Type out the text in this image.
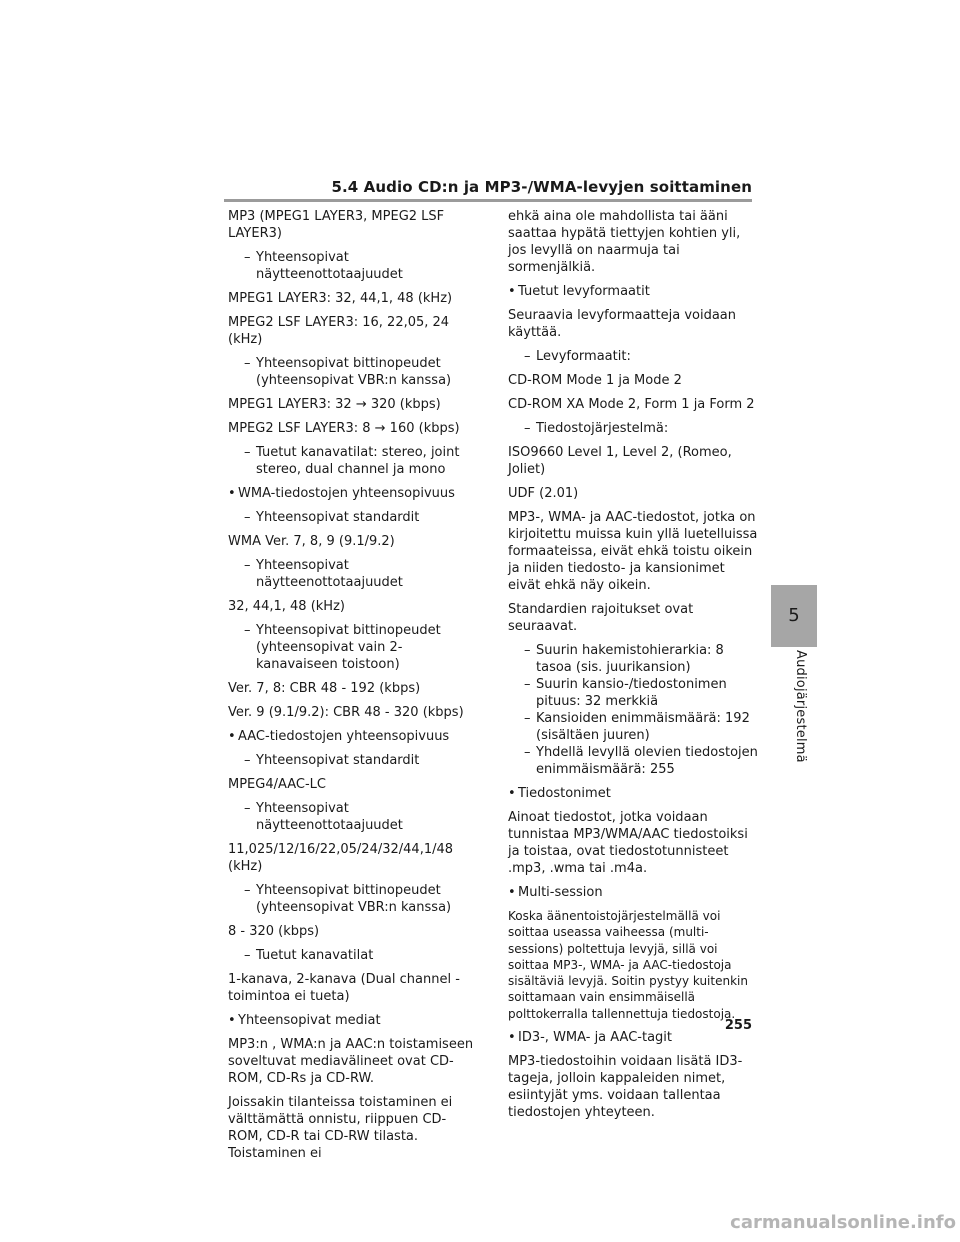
5.4 Audio CD:n ja MP3-/WMA-levyjen soittaminen
MP3 (MPEG1 LAYER3, MPEG2 LSF LAYER3)
– Yhteensopivat näytteenottotaajuudet
MPEG1 LAYER3: 32, 44,1, 48 (kHz)
MPEG2 LSF LAYER3: 16, 22,05, 24 (kHz)
– Yhteensopivat bittinopeudet (yhteensopivat VBR:n kanssa)
MPEG1 LAYER3: 32 → 320 (kbps)
MPEG2 LSF LAYER3: 8 → 160 (kbps)
– Tuetut kanavatilat: stereo, joint stereo, dual channel ja mono
• WMA-tiedostojen yhteensopivuus
– Yhteensopivat standardit
WMA Ver. 7, 8, 9 (9.1/9.2)
– Yhteensopivat näytteenottotaajuudet
32, 44,1, 48 (kHz)
– Yhteensopivat bittinopeudet (yhteensopivat vain 2-kanavaiseen toistoon)
Ver. 7, 8: CBR 48 - 192 (kbps)
Ver. 9 (9.1/9.2): CBR 48 - 320 (kbps)
• AAC-tiedostojen yhteensopivuus
– Yhteensopivat standardit
MPEG4/AAC-LC
– Yhteensopivat näytteenottotaajuudet
11,025/12/16/22,05/24/32/44,1/48 (kHz)
– Yhteensopivat bittinopeudet (yhteensopivat VBR:n kanssa)
8 - 320 (kbps)
– Tuetut kanavatilat
1-kanava, 2-kanava (Dual channel -toimintoa ei tueta)
• Yhteensopivat mediat
MP3:n , WMA:n ja AAC:n toistamiseen soveltuvat mediavälineet ovat CD-ROM, CD-Rs ja CD-RW.
Joissakin tilanteissa toistaminen ei välttämättä onnistu, riippuen CD-ROM, CD-R tai CD-RW tilasta. Toistaminen ei
ehkä aina ole mahdollista tai ääni saattaa hypätä tiettyjen kohtien yli, jos levyllä on naarmuja tai sormenjälkiä.
• Tuetut levyformaatit
Seuraavia levyformaatteja voidaan käyttää.
– Levyformaatit:
CD-ROM Mode 1 ja Mode 2
CD-ROM XA Mode 2, Form 1 ja Form 2
– Tiedostojärjestelmä:
ISO9660 Level 1, Level 2, (Romeo, Joliet)
UDF (2.01)
MP3-, WMA- ja AAC-tiedostot, jotka on kirjoitettu muissa kuin yllä luetelluissa formaateissa, eivät ehkä toistu oikein ja niiden tiedosto- ja kansionimet eivät ehkä näy oikein.
Standardien rajoitukset ovat seuraavat.
– Suurin hakemistohierarkia: 8 tasoa (sis. juurikansion)
– Suurin kansio-/tiedostonimen pituus: 32 merkkiä
– Kansioiden enimmäismäärä: 192 (sisältäen juuren)
– Yhdellä levyllä olevien tiedostojen enimmäismäärä: 255
• Tiedostonimet
Ainoat tiedostot, jotka voidaan tunnistaa MP3/WMA/AAC tiedostoiksi ja toistaa, ovat tiedostotunnisteet .mp3, .wma tai .m4a.
• Multi-session
Koska äänentoistojärjestelmällä voi soittaa useassa vaiheessa (multi-sessions) poltettuja levyjä, sillä voi soittaa MP3-, WMA- ja AAC-tiedostoja sisältäviä levyjä. Soitin pystyy kuitenkin soittamaan vain ensimmäisellä polttokerralla tallennettuja tiedostoja.
• ID3-, WMA- ja AAC-tagit
MP3-tiedostoihin voidaan lisätä ID3-tageja, jolloin kappaleiden nimet, esiintyjät yms. voidaan tallentaa tiedostojen yhteyteen.
5
Audiojärjestelmä
255
carmanualsonline.info
